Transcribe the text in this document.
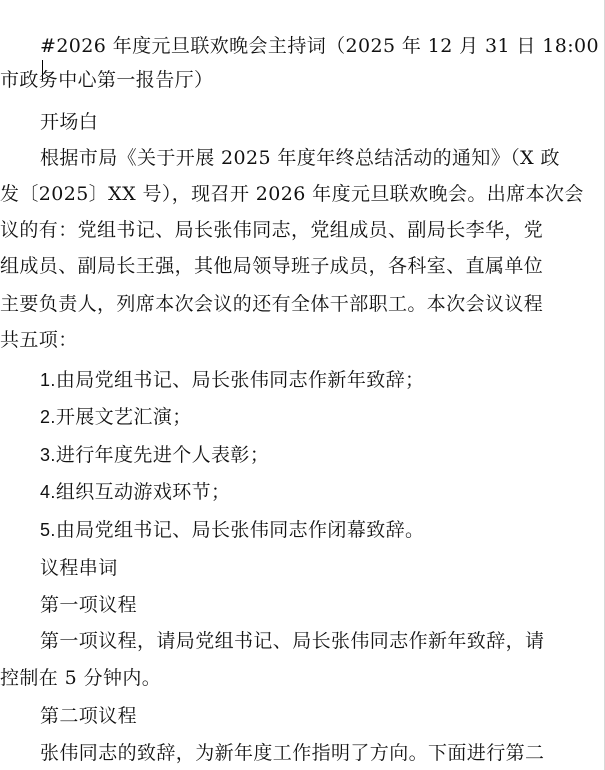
#2026 年度元旦联欢晚会主持词（2025 年 12 月 31 日 18:00
市政务中心第一报告厅）
开场白
根据市局《关于开展 2025 年度年终总结活动的通知》（X 政
发〔2025〕XX 号），现召开 2026 年度元旦联欢晚会。出席本次会
议的有：党组书记、局长张伟同志，党组成员、副局长李华，党
组成员、副局长王强，其他局领导班子成员，各科室、直属单位
主要负责人，列席本次会议的还有全体干部职工。本次会议议程
共五项：
1.由局党组书记、局长张伟同志作新年致辞；
2.开展文艺汇演；
3.进行年度先进个人表彰；
4.组织互动游戏环节；
5.由局党组书记、局长张伟同志作闭幕致辞。
议程串词
第一项议程
第一项议程，请局党组书记、局长张伟同志作新年致辞，请
控制在 5 分钟内。
第二项议程
张伟同志的致辞，为新年度工作指明了方向。下面进行第二
